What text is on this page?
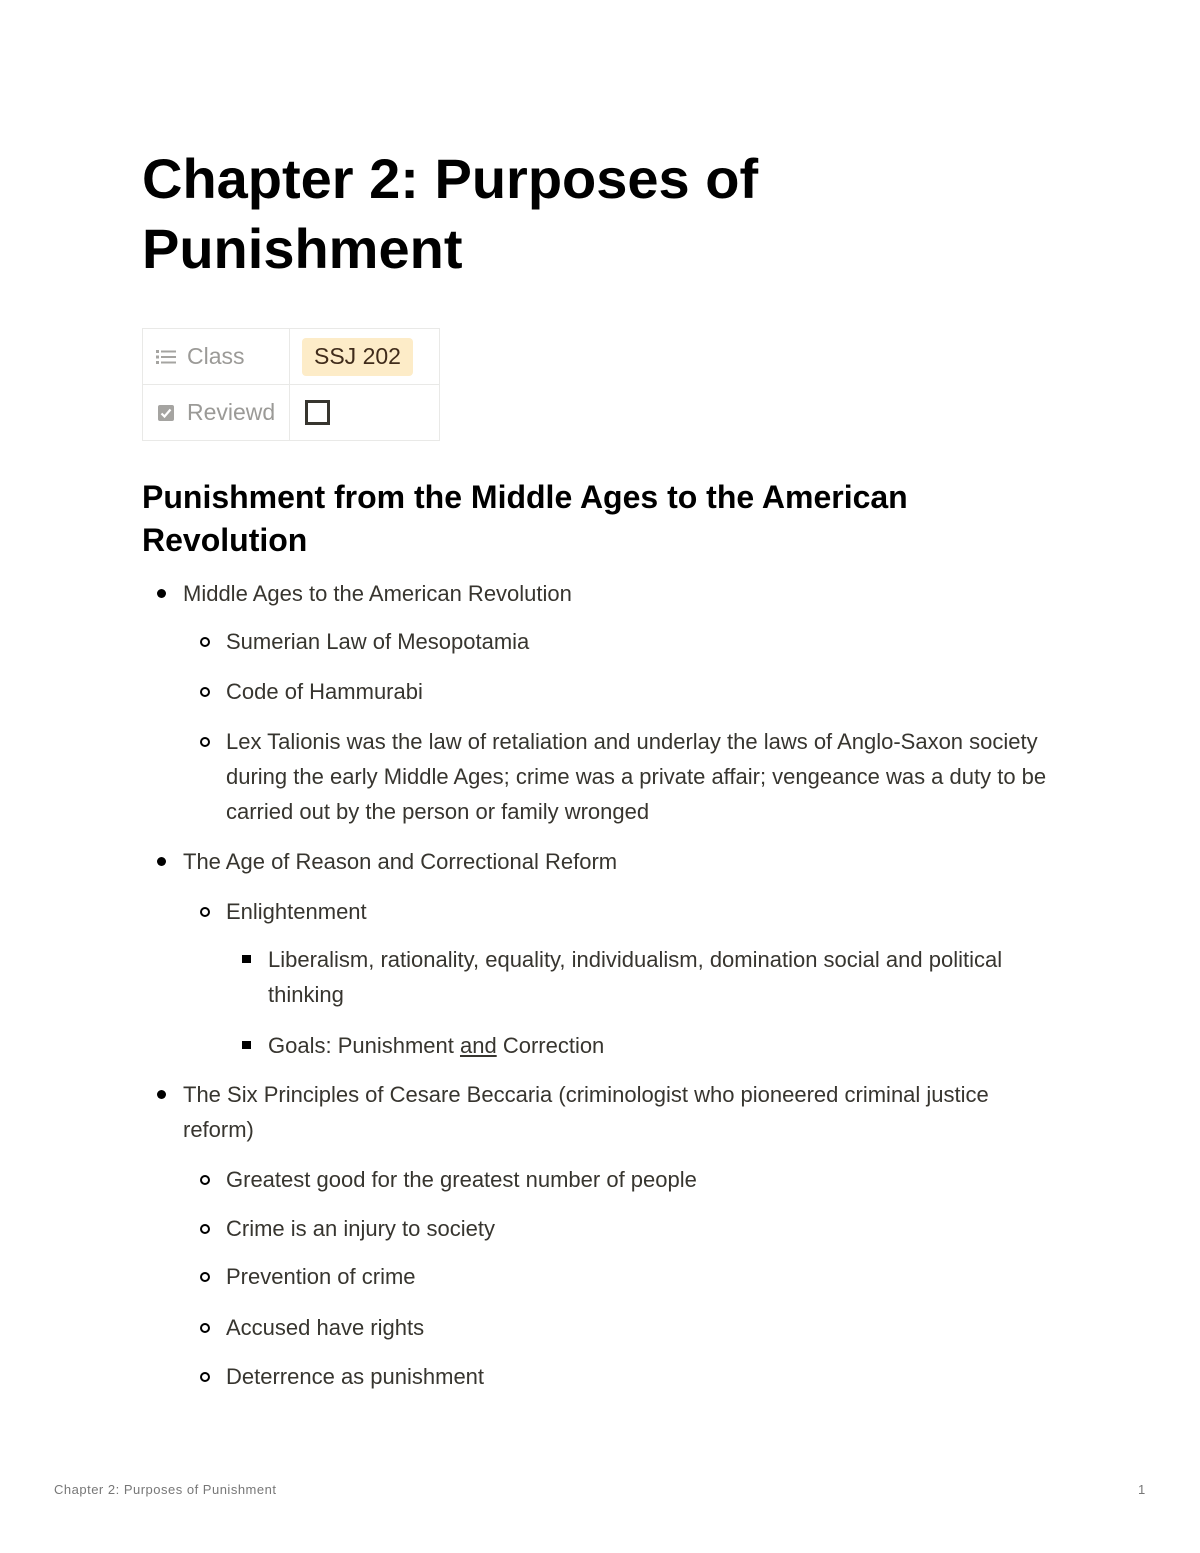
Chapter 2: Purposes of Punishment
Class	SSJ 202

Reviewd	

Punishment from the Middle Ages to the American Revolution
Middle Ages to the American Revolution
Sumerian Law of Mesopotamia
Code of Hammurabi
Lex Talionis was the law of retaliation and underlay the laws of Anglo-Saxon society during the early Middle Ages; crime was a private affair; vengeance was a duty to be carried out by the person or family wronged
The Age of Reason and Correctional Reform
Enlightenment
Liberalism, rationality, equality, individualism, domination social and political thinking
Goals: Punishment and Correction
The Six Principles of Cesare Beccaria (criminologist who pioneered criminal justice reform)
Greatest good for the greatest number of people
Crime is an injury to society
Prevention of crime
Accused have rights
Deterrence as punishment
Chapter 2: Purposes of Punishment	1
